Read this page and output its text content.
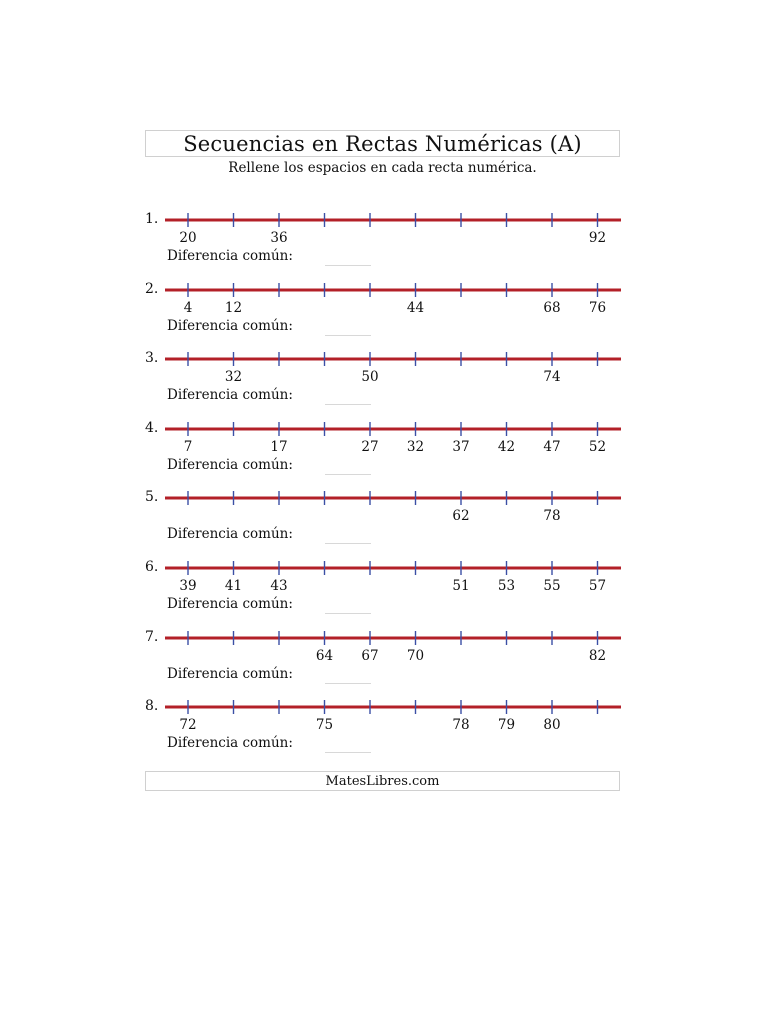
Secuencias en Rectas Numéricas (A)
Rellene los espacios en cada recta numérica.
1.
20	36	92
Diferencia común:
2.
4 12	44	68 76
Diferencia común:
3.
32	50	74
Diferencia común:
4.
7	17	27 32 37 42 47 52
Diferencia común:
5.
62	78
Diferencia común:
6.
39 41 43	51 53 55 57
Diferencia común:
7.
64 67 70	82
Diferencia común:
8.
72	75	78 79 80
Diferencia común:
MatesLibres.com
